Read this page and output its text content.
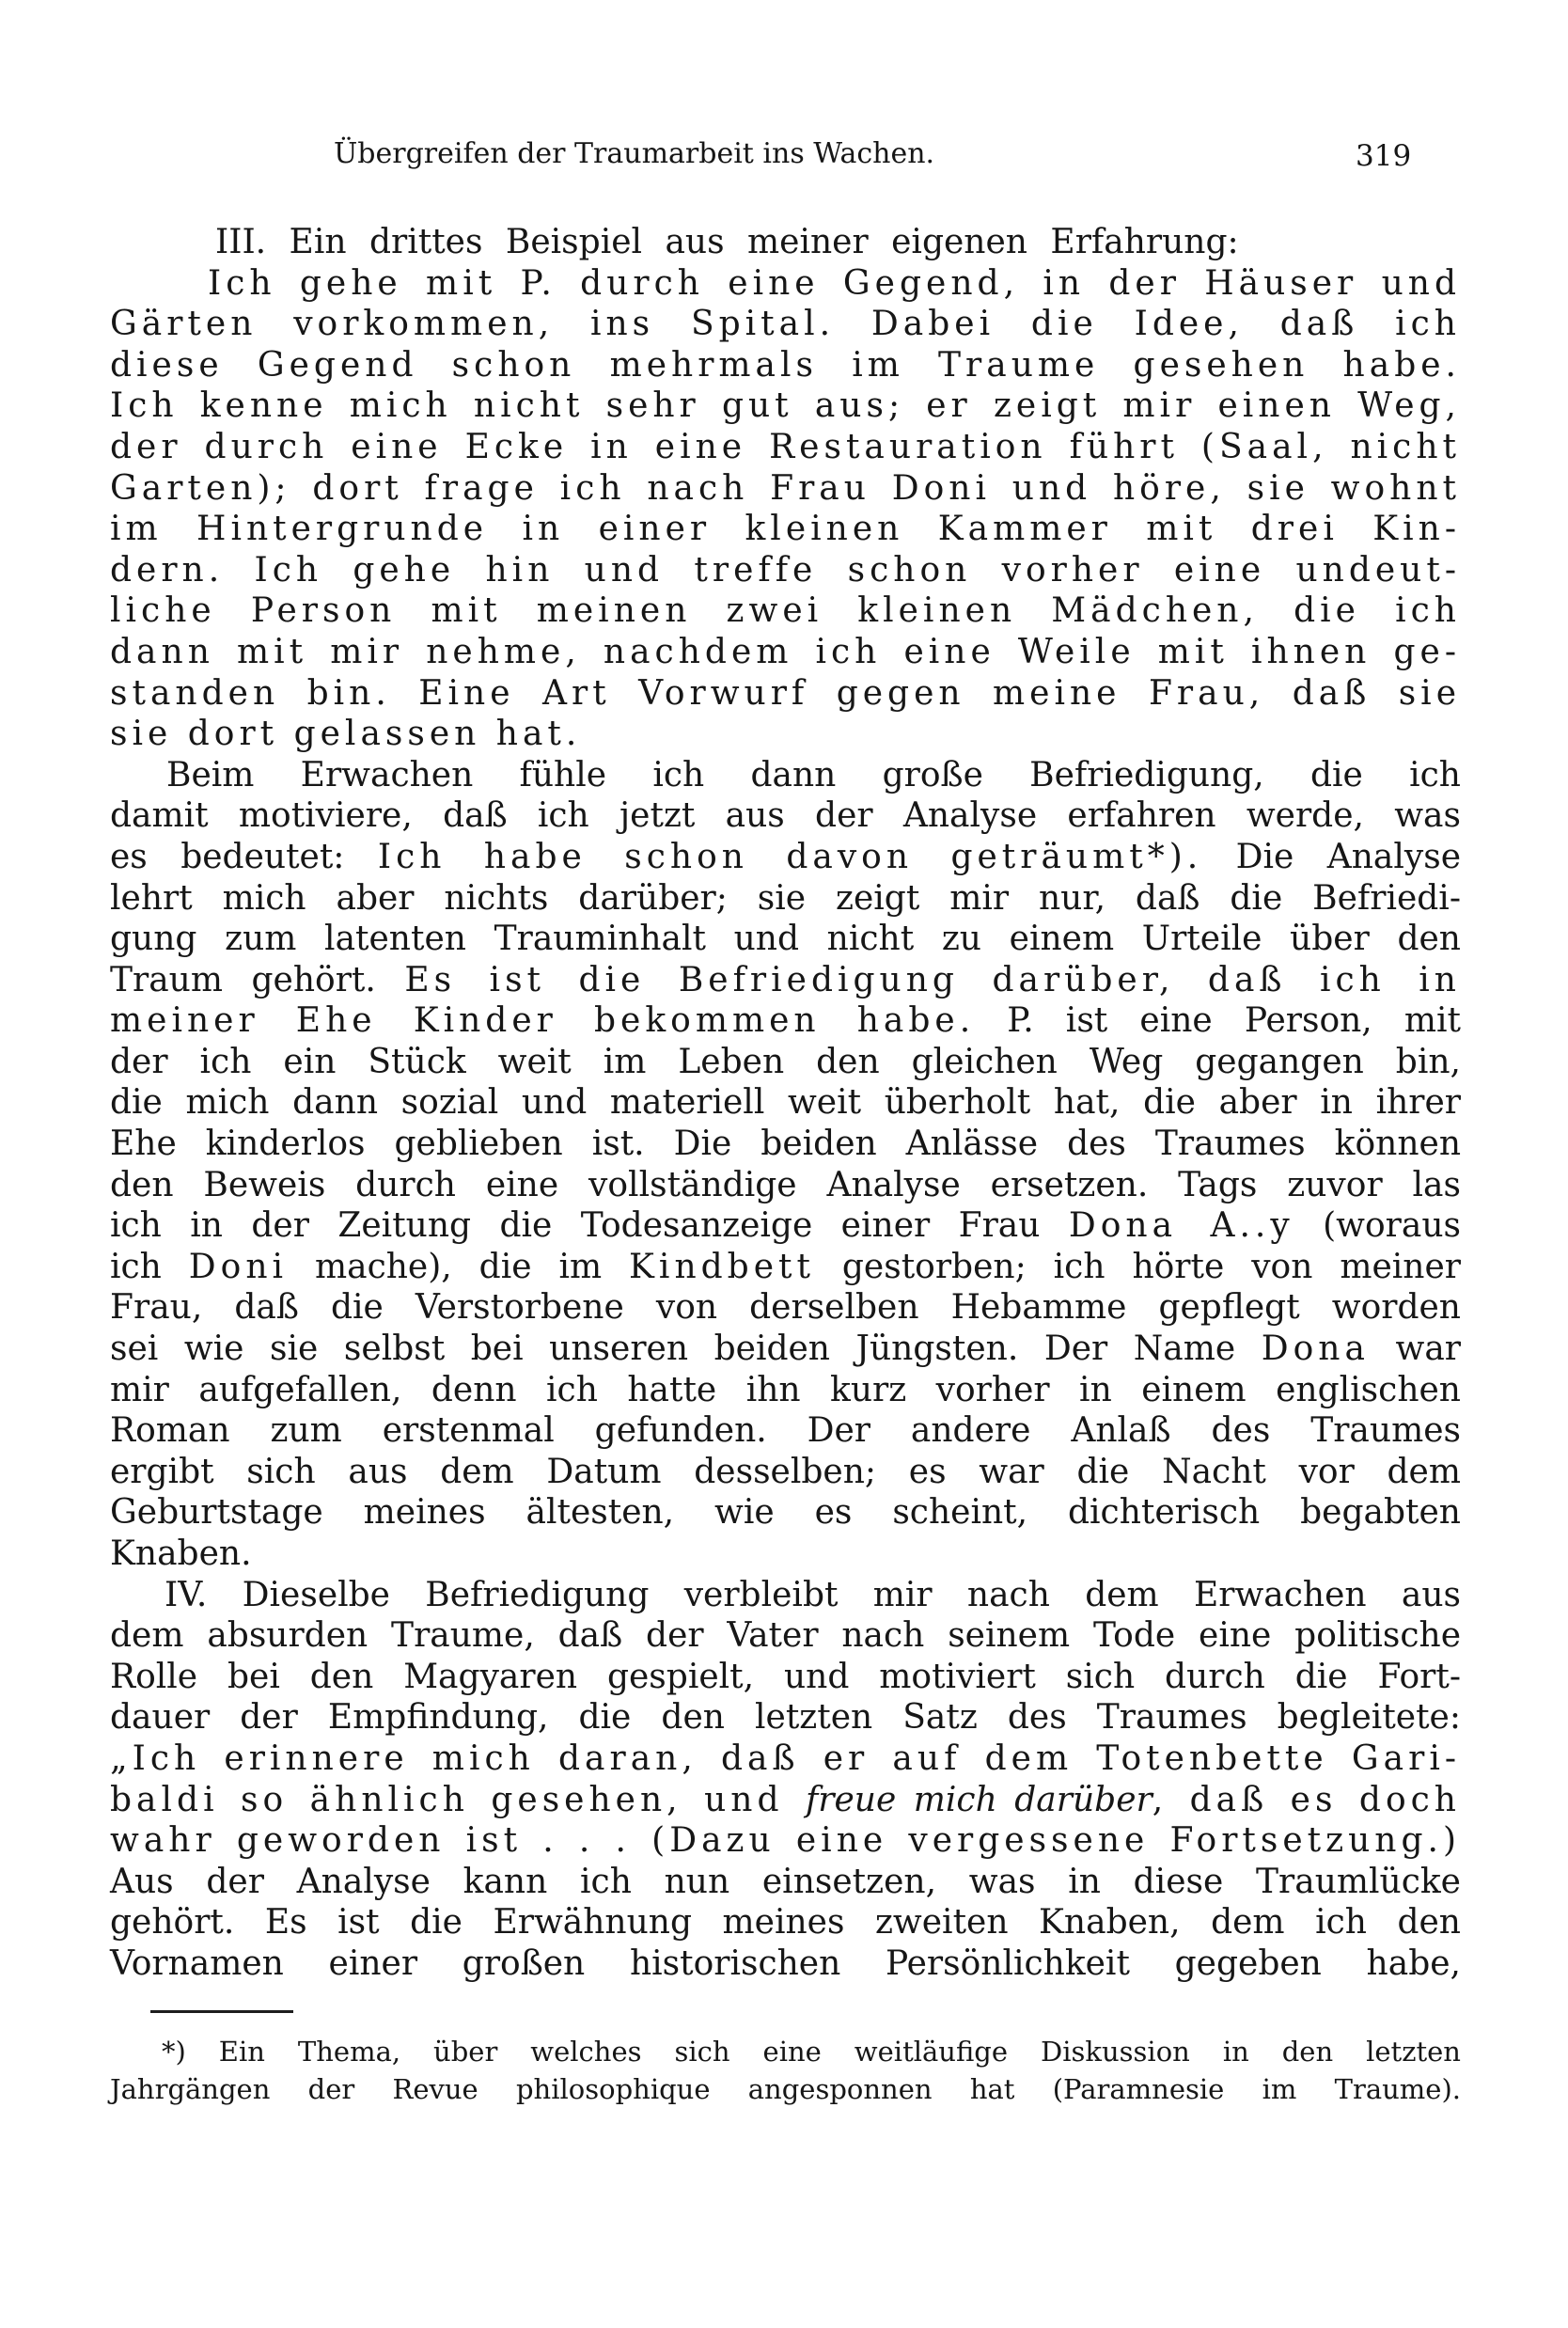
Übergreifen der Traumarbeit ins Wachen.	319
III. Ein drittes Beispiel aus meiner eigenen Erfahrung:
Ich gehe mit P. durch eine Gegend, in der Häuser und
Gärten vorkommen, ins Spital. Dabei die Idee, daß ich
diese Gegend schon mehrmals im Traume gesehen habe.
Ich kenne mich nicht sehr gut aus; er zeigt mir einen Weg,
der durch eine Ecke in eine Restauration führt (Saal, nicht
Garten); dort frage ich nach Frau Doni und höre, sie wohnt
im Hintergrunde in einer kleinen Kammer mit drei Kin-
dern. Ich gehe hin und treffe schon vorher eine undeut-
liche Person mit meinen zwei kleinen Mädchen, die ich
dann mit mir nehme, nachdem ich eine Weile mit ihnen ge-
standen bin. Eine Art Vorwurf gegen meine Frau, daß sie
sie dort gelassen hat.
Beim Erwachen fühle ich dann große Befriedigung, die ich
damit motiviere, daß ich jetzt aus der Analyse erfahren werde, was
es bedeutet: Ich habe schon davon geträumt*). Die Analyse
lehrt mich aber nichts darüber; sie zeigt mir nur, daß die Befriedi-
gung zum latenten Trauminhalt und nicht zu einem Urteile über den
Traum gehört. Es ist die Befriedigung darüber, daß ich in
meiner Ehe Kinder bekommen habe. P. ist eine Person, mit
der ich ein Stück weit im Leben den gleichen Weg gegangen bin,
die mich dann sozial und materiell weit überholt hat, die aber in ihrer
Ehe kinderlos geblieben ist. Die beiden Anlässe des Traumes können
den Beweis durch eine vollständige Analyse ersetzen. Tags zuvor las
ich in der Zeitung die Todesanzeige einer Frau Dona A..y (woraus
ich Doni mache), die im Kindbett gestorben; ich hörte von meiner
Frau, daß die Verstorbene von derselben Hebamme gepflegt worden
sei wie sie selbst bei unseren beiden Jüngsten. Der Name Dona war
mir aufgefallen, denn ich hatte ihn kurz vorher in einem englischen
Roman zum erstenmal gefunden. Der andere Anlaß des Traumes
ergibt sich aus dem Datum desselben; es war die Nacht vor dem
Geburtstage meines ältesten, wie es scheint, dichterisch begabten
Knaben.
IV. Dieselbe Befriedigung verbleibt mir nach dem Erwachen aus
dem absurden Traume, daß der Vater nach seinem Tode eine politische
Rolle bei den Magyaren gespielt, und motiviert sich durch die Fort-
dauer der Empfindung, die den letzten Satz des Traumes begleitete:
„Ich erinnere mich daran, daß er auf dem Totenbette Gari-
baldi so ähnlich gesehen, und freue mich darüber, daß es doch
wahr geworden ist . . . (Dazu eine vergessene Fortsetzung.)
Aus der Analyse kann ich nun einsetzen, was in diese Traumlücke
gehört. Es ist die Erwähnung meines zweiten Knaben, dem ich den
Vornamen einer großen historischen Persönlichkeit gegeben habe,
*) Ein Thema, über welches sich eine weitläufige Diskussion in den letzten
Jahrgängen der Revue philosophique angesponnen hat (Paramnesie im Traume).
